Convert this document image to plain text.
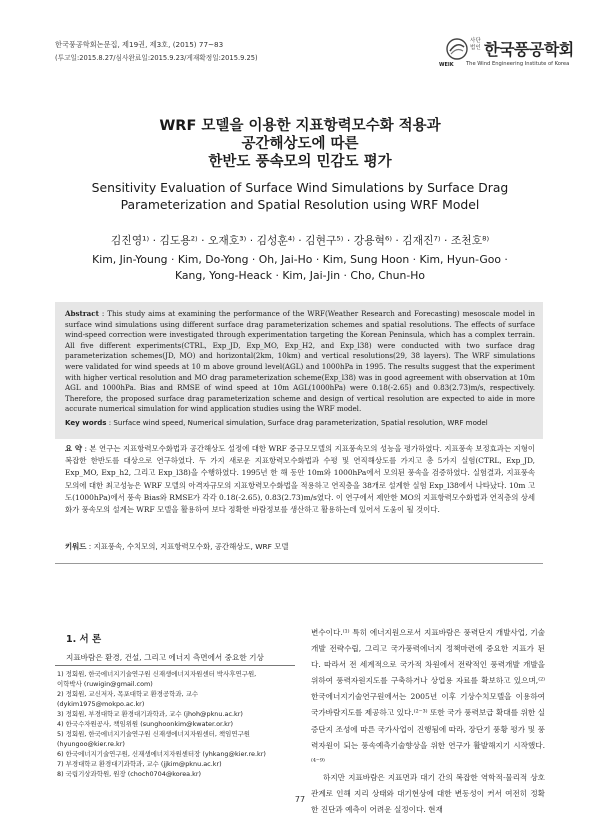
한국풍공학회논문집, 제19권, 제3호, (2015) 77~83
(투고일:2015.8.27/심사완료일:2015.9.23/게재확정일:2015.9.25)
사단
법인 한국풍공학회
WEIK The Wind Engineering Institute of Korea
WRF 모델을 이용한 지표항력모수화 적용과
공간해상도에 따른
한반도 풍속모의 민감도 평가
Sensitivity Evaluation of Surface Wind Simulations by Surface Drag
Parameterization and Spatial Resolution using WRF Model
김진영¹⁾ · 김도용²⁾ · 오재호³⁾ · 김성훈⁴⁾ · 김현구⁵⁾ · 강용혁⁶⁾ · 김재진⁷⁾ · 조천호⁸⁾
Kim, Jin-Young · Kim, Do-Yong · Oh, Jai-Ho · Kim, Sung Hoon · Kim, Hyun-Goo ·
Kang, Yong-Heack · Kim, Jai-Jin · Cho, Chun-Ho
Abstract : This study aims at examining the performance of the WRF(Weather Research and Forecasting) mesoscale model in surface wind simulations using different surface drag parameterization schemes and spatial resolutions. The effects of surface wind-speed correction were investigated through experimentation targeting the Korean Peninsula, which has a complex terrain. All five different experiments(CTRL, Exp_JD, Exp_MO, Exp_H2, and Exp_l38) were conducted with two surface drag parameterization schemes(JD, MO) and horizontal(2km, 10km) and vertical resolutions(29, 38 layers). The WRF simulations were validated for wind speeds at 10 m above ground level(AGL) and 1000hPa in 1995. The results suggest that the experiment with higher vertical resolution and MO drag parameterization scheme(Exp_l38) was in good agreement with observation at 10m AGL and 1000hPa. Bias and RMSE of wind speed at 10m AGL(1000hPa) were 0.18(-2.65) and 0.83(2.73)m/s, respectively. Therefore, the proposed surface drag parameterization scheme and design of vertical resolution are expected to aide in more accurate numerical simulation for wind application studies using the WRF model.
Key words : Surface wind speed, Numerical simulation, Surface drag parameterization, Spatial resolution, WRF model
요 약 : 본 연구는 지표항력모수화법과 공간해상도 설정에 대한 WRF 중규모모델의 지표풍속모의 성능을 평가하였다. 지표풍속 보정효과는 지형이 복잡한 한반도를 대상으로 연구하였다. 두 가지 새로운 지표항력모수화법과 수평 및 연직해상도를 가지고 총 5가지 실험(CTRL, Exp_JD, Exp_MO, Exp_h2, 그리고 Exp_l38)을 수행하였다. 1995년 한 해 동안 10m와 1000hPa에서 모의된 풍속을 검증하였다. 실험결과, 지표풍속모의에 대한 최고성능은 WRF 모델의 아격자규모의 지표항력모수화법을 적용하고 연직층을 38개로 설계한 실험 Exp_l38에서 나타났다. 10m 고도(1000hPa)에서 풍속 Bias와 RMSE가 각각 0.18(-2.65), 0.83(2.73)m/s였다. 이 연구에서 제안한 MO의 지표항력모수화법과 연직층의 상세화가 풍속모의 설계는 WRF 모델을 활용하여 보다 정확한 바람정보를 생산하고 활용하는데 있어서 도움이 될 것이다.
키워드 : 지표풍속, 수치모의, 지표항력모수화, 공간해상도, WRF 모델
1. 서 론
지표바람은 환경, 건설, 그리고 에너지 측면에서 중요한 기상
1) 정회원, 한국에너지기술연구원 신재생에너지자원센터 박사후연구원,
이학박사 (ruwigin@gmail.com)
2) 정회원, 교신저자, 목포대학교 환경공학과, 교수
(dykim1975@mokpo.ac.kr)
3) 정회원, 부경대학교 환경대기과학과, 교수 (jhoh@pknu.ac.kr)
4) 한국수자원공사, 책임위원 (sunghoonkim@kwater.or.kr)
5) 정회원, 한국에너지기술연구원 신재생에너지자원센터, 책임연구원
(hyungoo@kier.re.kr)
6) 한국에너지기술연구원, 신재생에너지자원센터장 (yhkang@kier.re.kr)
7) 부경대학교 환경대기과학과, 교수 (jjkim@pknu.ac.kr)
8) 국립기상과학원, 원장 (choch0704@korea.kr)

변수이다.⁽¹⁾ 특히 에너지원으로서 지표바람은 풍력단지 개발사업, 기술개발 전략수립, 그리고 국가풍력에너지 정책마련에 중요한 지표가 된다. 따라서 전 세계적으로 국가적 차원에서 전략적인 풍력개발 개발을 위하여 풍력자원지도를 구축하거나 상업용 자료를 확보하고 있으며,⁽²⁾ 한국에너지기술연구원에서는 2005년 이후 기상수치모델을 이용하여 국가바람지도를 제공하고 있다.⁽²⁻³⁾ 또한 국가 풍력보급 확대를 위한 실증단지 조성에 따른 국가사업이 진행됨에 따라, 장단기 풍황 평가 및 풍력자원이 되는 풍속예측기술향상을 위한 연구가 활발해지기 시작했다.⁽⁴⁻⁹⁾

하지만 지표바람은 지표면과 대기 간의 복잡한 역학적·물리적 상호관계로 인해 지리 상태와 대기현상에 대한 변동성이 커서 여전히 정확한 진단과 예측이 어려운 실정이다. 현재

77
